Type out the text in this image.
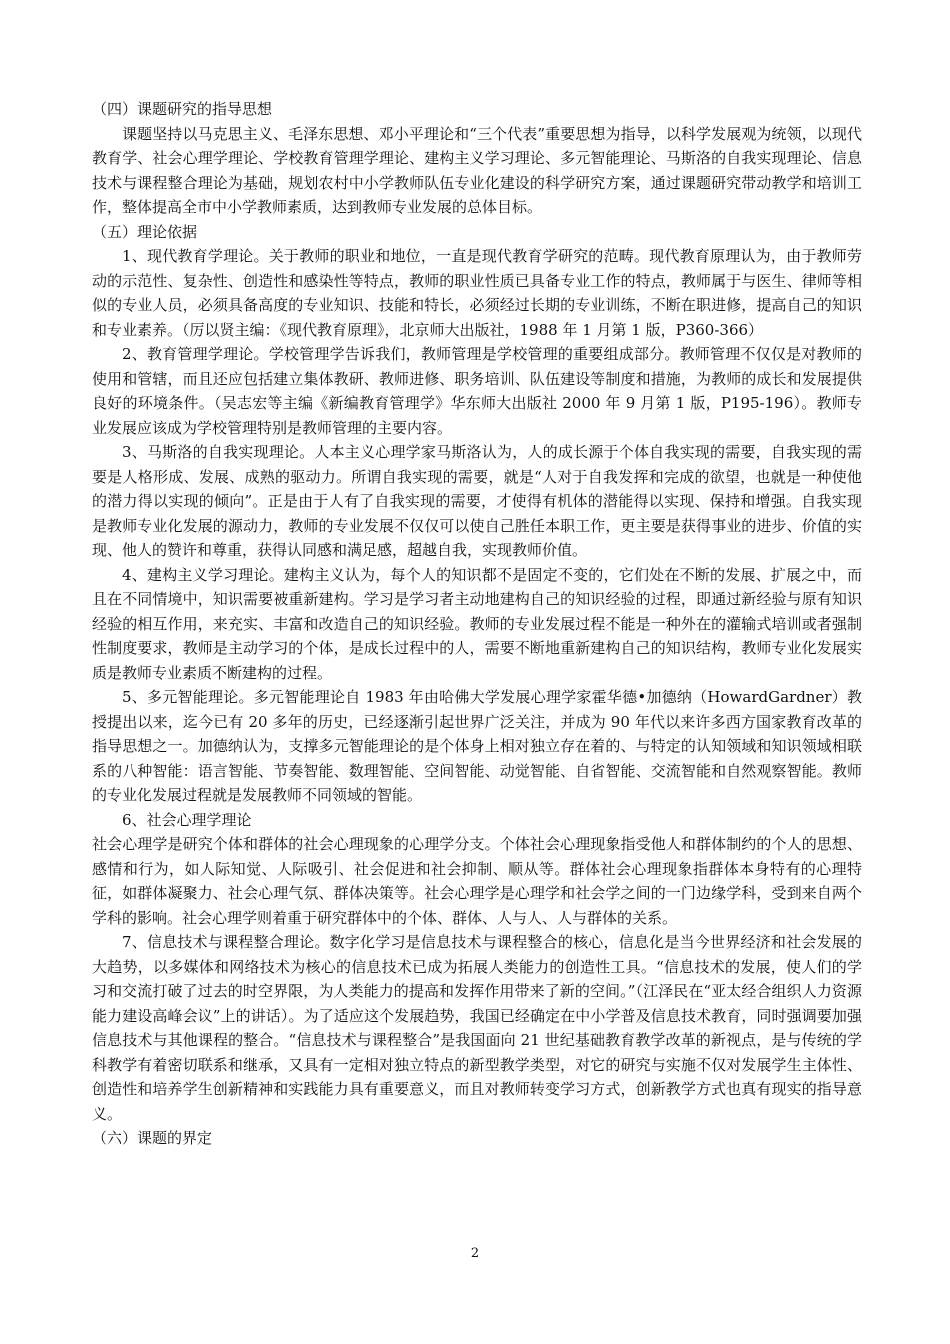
（四）课题研究的指导思想

课题坚持以马克思主义、毛泽东思想、邓小平理论和“三个代表”重要思想为指导，以科学发展观为统领，以现代教育学、社会心理学理论、学校教育管理学理论、建构主义学习理论、多元智能理论、马斯洛的自我实现理论、信息技术与课程整合理论为基础，规划农村中小学教师队伍专业化建设的科学研究方案，通过课题研究带动教学和培训工作，整体提高全市中小学教师素质，达到教师专业发展的总体目标。

（五）理论依据

1、现代教育学理论。关于教师的职业和地位，一直是现代教育学研究的范畴。现代教育原理认为，由于教师劳动的示范性、复杂性、创造性和感染性等特点，教师的职业性质已具备专业工作的特点，教师属于与医生、律师等相似的专业人员，必须具备高度的专业知识、技能和特长，必须经过长期的专业训练，不断在职进修，提高自己的知识和专业素养。（厉以贤主编：《现代教育原理》，北京师大出版社，1988 年 1 月第 1 版，P360-366）

2、教育管理学理论。学校管理学告诉我们，教师管理是学校管理的重要组成部分。教师管理不仅仅是对教师的使用和管辖，而且还应包括建立集体教研、教师进修、职务培训、队伍建设等制度和措施，为教师的成长和发展提供良好的环境条件。（吴志宏等主编《新编教育管理学》华东师大出版社 2000 年 9 月第 1 版，P195-196）。教师专业发展应该成为学校管理特别是教师管理的主要内容。

3、马斯洛的自我实现理论。人本主义心理学家马斯洛认为，人的成长源于个体自我实现的需要，自我实现的需要是人格形成、发展、成熟的驱动力。所谓自我实现的需要，就是“人对于自我发挥和完成的欲望，也就是一种使他的潜力得以实现的倾向”。正是由于人有了自我实现的需要，才使得有机体的潜能得以实现、保持和增强。自我实现是教师专业化发展的源动力，教师的专业发展不仅仅可以使自己胜任本职工作，更主要是获得事业的进步、价值的实现、他人的赞许和尊重，获得认同感和满足感，超越自我，实现教师价值。

4、建构主义学习理论。建构主义认为，每个人的知识都不是固定不变的，它们处在不断的发展、扩展之中，而且在不同情境中，知识需要被重新建构。学习是学习者主动地建构自己的知识经验的过程，即通过新经验与原有知识经验的相互作用，来充实、丰富和改造自己的知识经验。教师的专业发展过程不能是一种外在的灌输式培训或者强制性制度要求，教师是主动学习的个体，是成长过程中的人，需要不断地重新建构自己的知识结构，教师专业化发展实质是教师专业素质不断建构的过程。

5、多元智能理论。多元智能理论自 1983 年由哈佛大学发展心理学家霍华德•加德纳（HowardGardner）教授提出以来，迄今已有 20 多年的历史，已经逐渐引起世界广泛关注，并成为 90 年代以来许多西方国家教育改革的指导思想之一。加德纳认为，支撑多元智能理论的是个体身上相对独立存在着的、与特定的认知领域和知识领域相联系的八种智能：语言智能、节奏智能、数理智能、空间智能、动觉智能、自省智能、交流智能和自然观察智能。教师的专业化发展过程就是发展教师不同领域的智能。

6、社会心理学理论

社会心理学是研究个体和群体的社会心理现象的心理学分支。个体社会心理现象指受他人和群体制约的个人的思想、感情和行为，如人际知觉、人际吸引、社会促进和社会抑制、顺从等。群体社会心理现象指群体本身特有的心理特征，如群体凝聚力、社会心理气氛、群体决策等。社会心理学是心理学和社会学之间的一门边缘学科，受到来自两个学科的影响。社会心理学则着重于研究群体中的个体、群体、人与人、人与群体的关系。

7、信息技术与课程整合理论。数字化学习是信息技术与课程整合的核心，信息化是当今世界经济和社会发展的大趋势，以多媒体和网络技术为核心的信息技术已成为拓展人类能力的创造性工具。“信息技术的发展，使人们的学习和交流打破了过去的时空界限，为人类能力的提高和发挥作用带来了新的空间。”（江泽民在“亚太经合组织人力资源能力建设高峰会议”上的讲话）。为了适应这个发展趋势，我国已经确定在中小学普及信息技术教育，同时强调要加强信息技术与其他课程的整合。“信息技术与课程整合”是我国面向 21 世纪基础教育教学改革的新视点，是与传统的学科教学有着密切联系和继承，又具有一定相对独立特点的新型教学类型，对它的研究与实施不仅对发展学生主体性、创造性和培养学生创新精神和实践能力具有重要意义，而且对教师转变学习方式，创新教学方式也真有现实的指导意义。

（六）课题的界定

2
